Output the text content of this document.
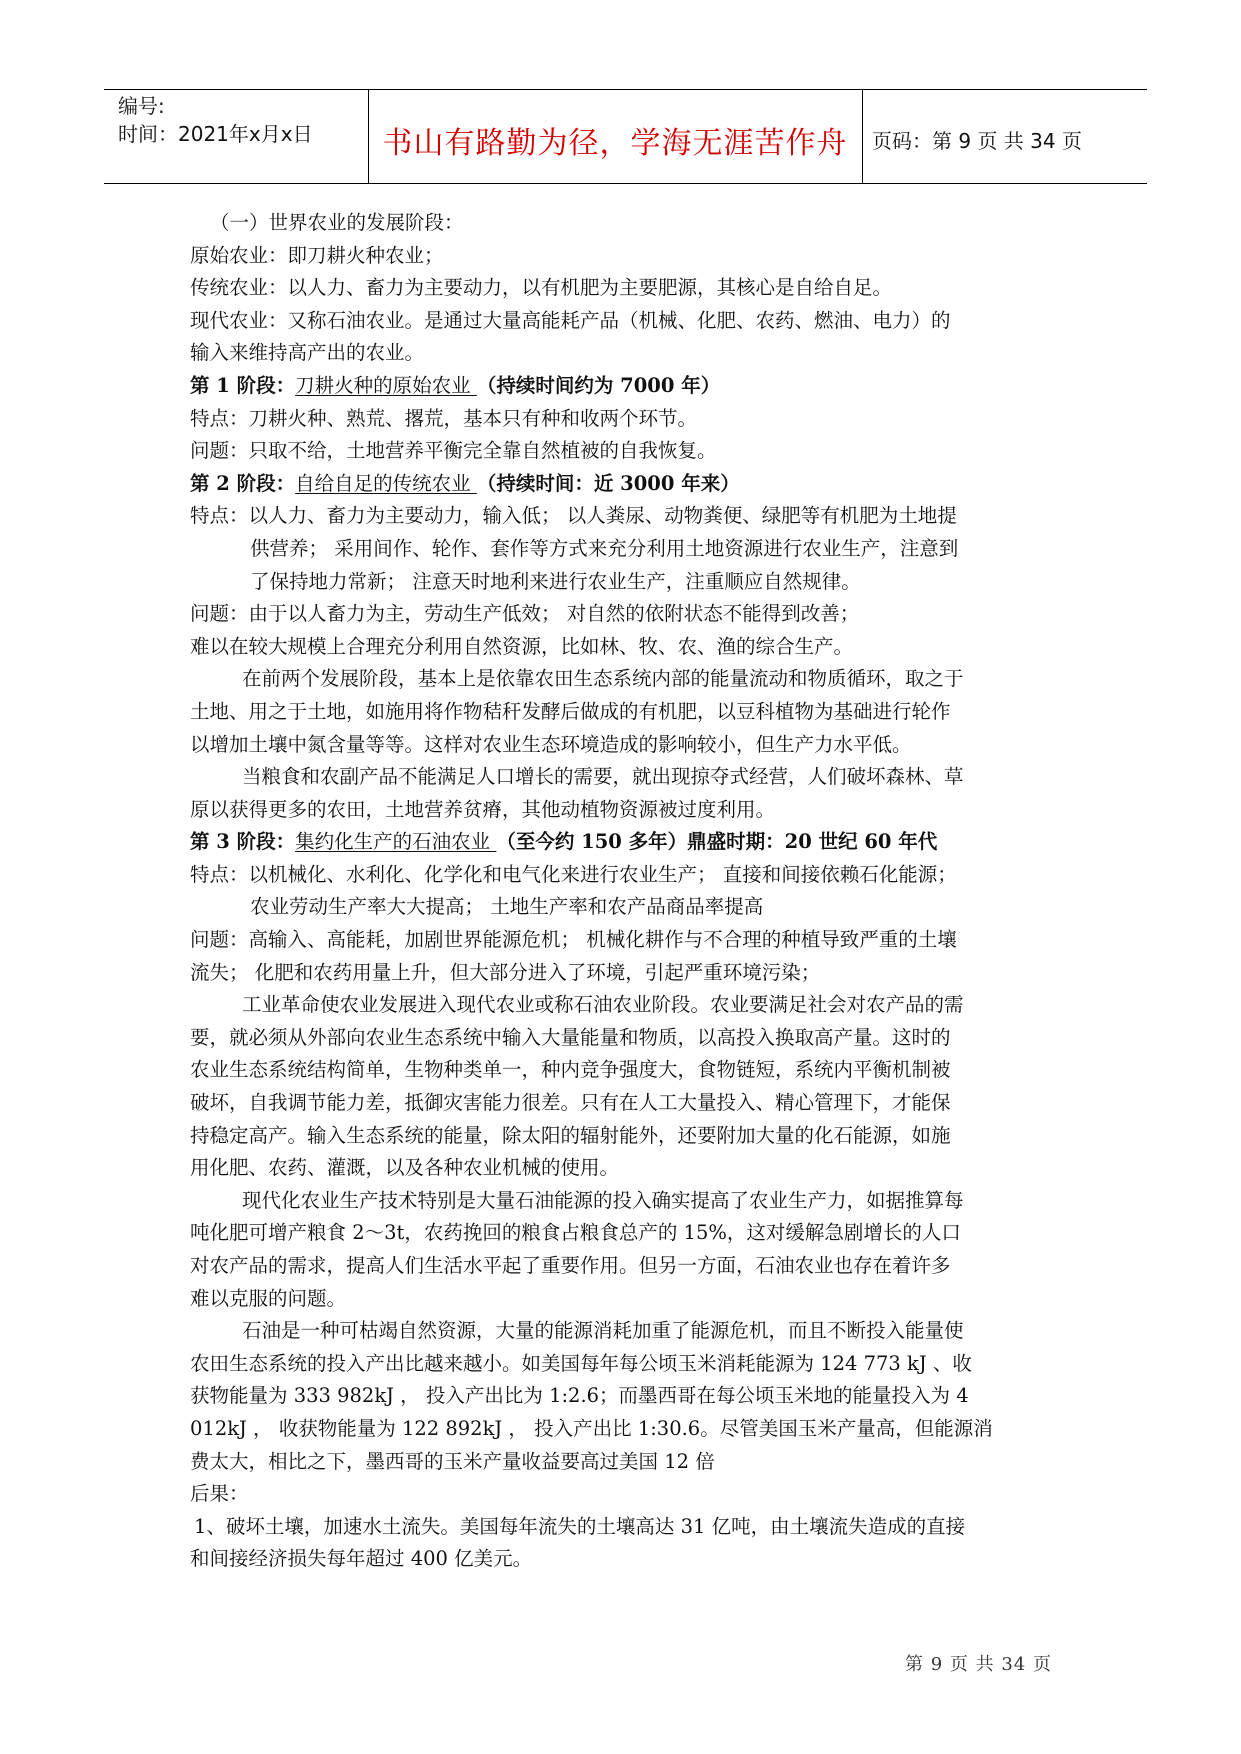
编号:
时间：2021年x月x日	书山有路勤为径，学海无涯苦作舟	页码：第 9 页 共 34 页
（一）世界农业的发展阶段：
原始农业：即刀耕火种农业；
传统农业：以人力、畜力为主要动力，以有机肥为主要肥源，其核心是自给自足。
现代农业：又称石油农业。是通过大量高能耗产品（机械、化肥、农药、燃油、电力）的
输入来维持高产出的农业。
第 1 阶段：刀耕火种的原始农业 （持续时间约为 7000 年）
特点：刀耕火种、熟荒、撂荒，基本只有种和收两个环节。
问题：只取不给，土地营养平衡完全靠自然植被的自我恢复。
第 2 阶段：自给自足的传统农业 （持续时间：近 3000 年来）
特点：以人力、畜力为主要动力，输入低； 以人粪尿、动物粪便、绿肥等有机肥为土地提
供营养； 采用间作、轮作、套作等方式来充分利用土地资源进行农业生产，注意到
了保持地力常新； 注意天时地利来进行农业生产，注重顺应自然规律。
问题：由于以人畜力为主，劳动生产低效； 对自然的依附状态不能得到改善；
难以在较大规模上合理充分利用自然资源，比如林、牧、农、渔的综合生产。
在前两个发展阶段，基本上是依靠农田生态系统内部的能量流动和物质循环，取之于
土地、用之于土地，如施用将作物秸秆发酵后做成的有机肥，以豆科植物为基础进行轮作
以增加土壤中氮含量等等。这样对农业生态环境造成的影响较小，但生产力水平低。
当粮食和农副产品不能满足人口增长的需要，就出现掠夺式经营，人们破坏森林、草
原以获得更多的农田，土地营养贫瘠，其他动植物资源被过度利用。
第 3 阶段：集约化生产的石油农业 （至今约 150 多年）鼎盛时期：20 世纪 60 年代
特点：以机械化、水利化、化学化和电气化来进行农业生产； 直接和间接依赖石化能源；
农业劳动生产率大大提高； 土地生产率和农产品商品率提高
问题：高输入、高能耗，加剧世界能源危机； 机械化耕作与不合理的种植导致严重的土壤
流失； 化肥和农药用量上升，但大部分进入了环境，引起严重环境污染；
工业革命使农业发展进入现代农业或称石油农业阶段。农业要满足社会对农产品的需
要，就必须从外部向农业生态系统中输入大量能量和物质，以高投入换取高产量。这时的
农业生态系统结构简单，生物种类单一，种内竞争强度大，食物链短，系统内平衡机制被
破坏，自我调节能力差，抵御灾害能力很差。只有在人工大量投入、精心管理下，才能保
持稳定高产。输入生态系统的能量，除太阳的辐射能外，还要附加大量的化石能源，如施
用化肥、农药、灌溉，以及各种农业机械的使用。
现代化农业生产技术特别是大量石油能源的投入确实提高了农业生产力，如据推算每
吨化肥可增产粮食 2～3t，农药挽回的粮食占粮食总产的 15%，这对缓解急剧增长的人口
对农产品的需求，提高人们生活水平起了重要作用。但另一方面，石油农业也存在着许多
难以克服的问题。
石油是一种可枯竭自然资源，大量的能源消耗加重了能源危机，而且不断投入能量使
农田生态系统的投入产出比越来越小。如美国每年每公顷玉米消耗能源为 124 773 kJ 、收
获物能量为 333 982kJ ， 投入产出比为 1:2.6；而墨西哥在每公顷玉米地的能量投入为 4
012kJ ， 收获物能量为 122 892kJ ， 投入产出比 1:30.6。尽管美国玉米产量高，但能源消
费太大，相比之下，墨西哥的玉米产量收益要高过美国 12 倍
后果：
1、破坏土壤，加速水土流失。美国每年流失的土壤高达 31 亿吨，由土壤流失造成的直接
和间接经济损失每年超过 400 亿美元。
第 9 页 共 34 页
